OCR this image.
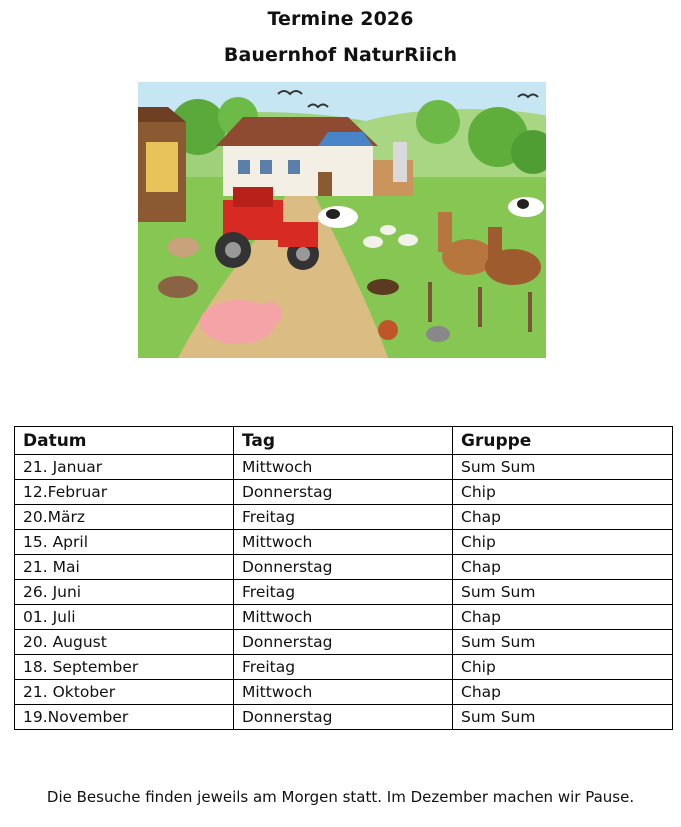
Termine 2026
Bauernhof NaturRiich
Datum	Tag	Gruppe
21. Januar	Mittwoch	Sum Sum
12.Februar	Donnerstag	Chip
20.März	Freitag	Chap
15. April	Mittwoch	Chip
21. Mai	Donnerstag	Chap
26. Juni	Freitag	Sum Sum
01. Juli	Mittwoch	Chap
20. August	Donnerstag	Sum Sum
18. September	Freitag	Chip
21. Oktober	Mittwoch	Chap
19.November	Donnerstag	Sum Sum
Die Besuche finden jeweils am Morgen statt. Im Dezember machen wir Pause.
